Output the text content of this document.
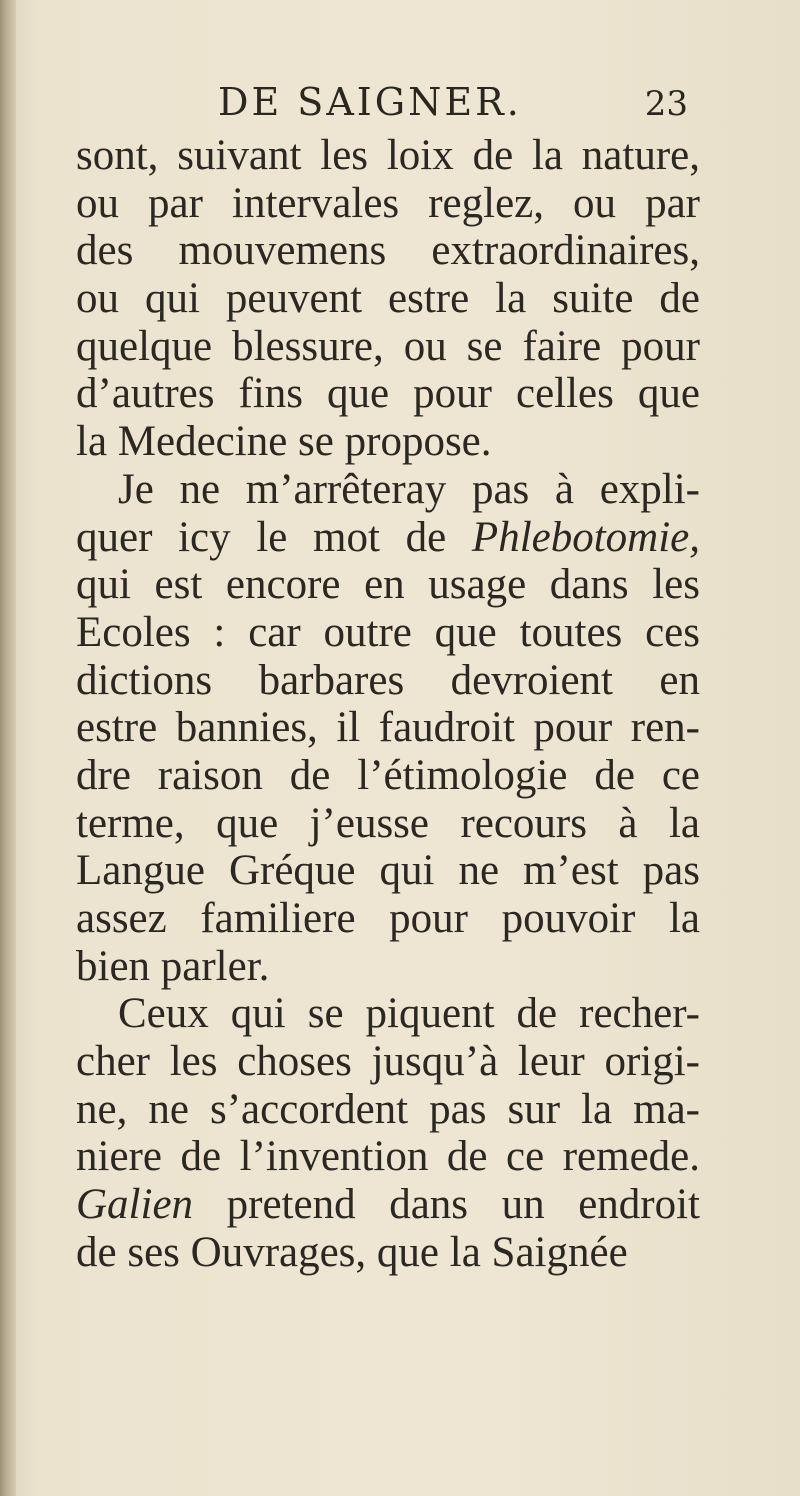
DE SAIGNER.	23
sont, suivant les loix de la nature,
ou par intervales reglez, ou par
des mouvemens extraordinaires,
ou qui peuvent estre la suite de
quelque blessure, ou se faire pour
d’autres fins que pour celles que
la Medecine se propose.
Je ne m’arrêteray pas à expli-
quer icy le mot de Phlebotomie,
qui est encore en usage dans les
Ecoles : car outre que toutes ces
dictions barbares devroient en
estre bannies, il faudroit pour ren-
dre raison de l’étimologie de ce
terme, que j’eusse recours à la
Langue Gréque qui ne m’est pas
assez familiere pour pouvoir la
bien parler.
Ceux qui se piquent de recher-
cher les choses jusqu’à leur origi-
ne, ne s’accordent pas sur la ma-
niere de l’invention de ce remede.
Galien pretend dans un endroit
de ses Ouvrages, que la Saignée
